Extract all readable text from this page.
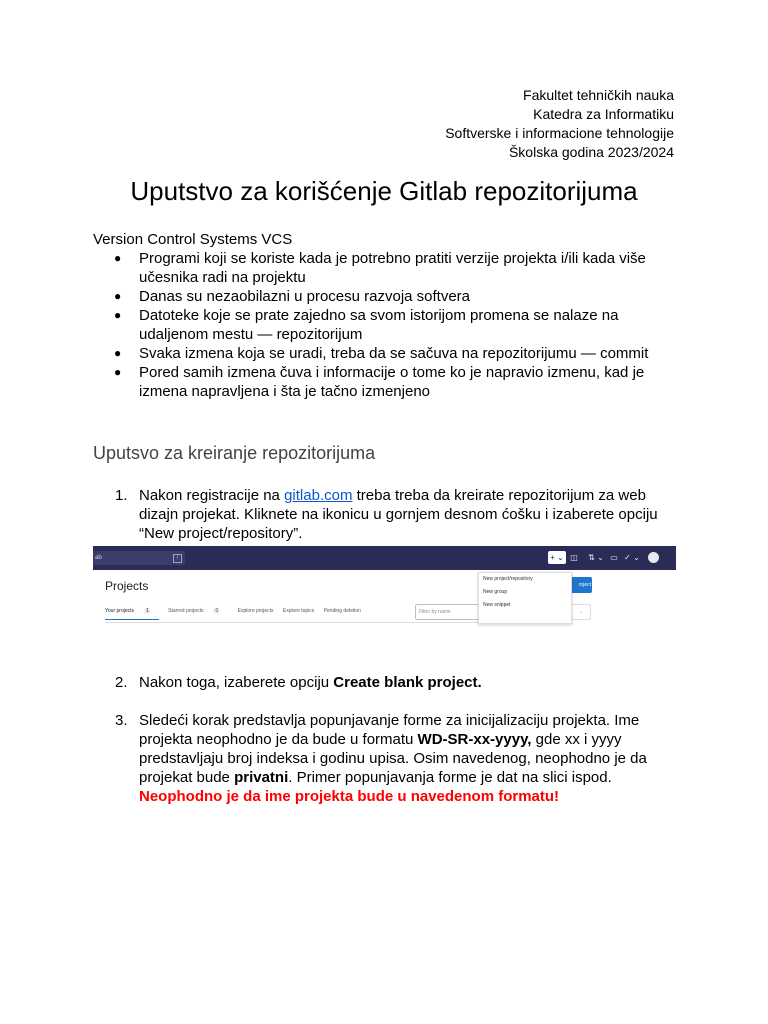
Fakultet tehničkih nauka
Katedra za Informatiku
Softverske i informacione tehnologije
Školska godina 2023/2024
Uputstvo za korišćenje Gitlab repozitorijuma
Version Control Systems VCS
● Programi koji se koriste kada je potrebno pratiti verzije projekta i/ili kada više učesnika radi na projektu
● Danas su nezaobilazni u procesu razvoja softvera
● Datoteke koje se prate zajedno sa svom istorijom promena se nalaze na udaljenom mestu — repozitorijum
● Svaka izmena koja se uradi, treba da se sačuva na repozitorijumu — commit
● Pored samih izmena čuva i informacije o tome ko je napravio izmenu, kad je izmena napravljena i šta je tačno izmenjeno
Uputsvo za kreiranje repozitorijuma
1. Nakon registracije na gitlab.com treba treba da kreirate repozitorijum za web dizajn projekat. Kliknete na ikonicu u gornjem desnom ćošku i izaberete opciju “New project/repository”.
ab	/	+ ⌄ ◫ ⇅ ⌄ ▭ ✓ ⌄
Projects	roject
Your projects 1	Starred projects 0	Explore projects Explore topics Pending deletion	Filter by name	⌄
New project/repository
New group
New snippet
2. Nakon toga, izaberete opciju Create blank project.
3. Sledeći korak predstavlja popunjavanje forme za inicijalizaciju projekta. Ime projekta neophodno je da bude u formatu WD-SR-xx-yyyy, gde xx i yyyy predstavljaju broj indeksa i godinu upisa. Osim navedenog, neophodno je da projekat bude privatni. Primer popunjavanja forme je dat na slici ispod.
Neophodno je da ime projekta bude u navedenom formatu!
